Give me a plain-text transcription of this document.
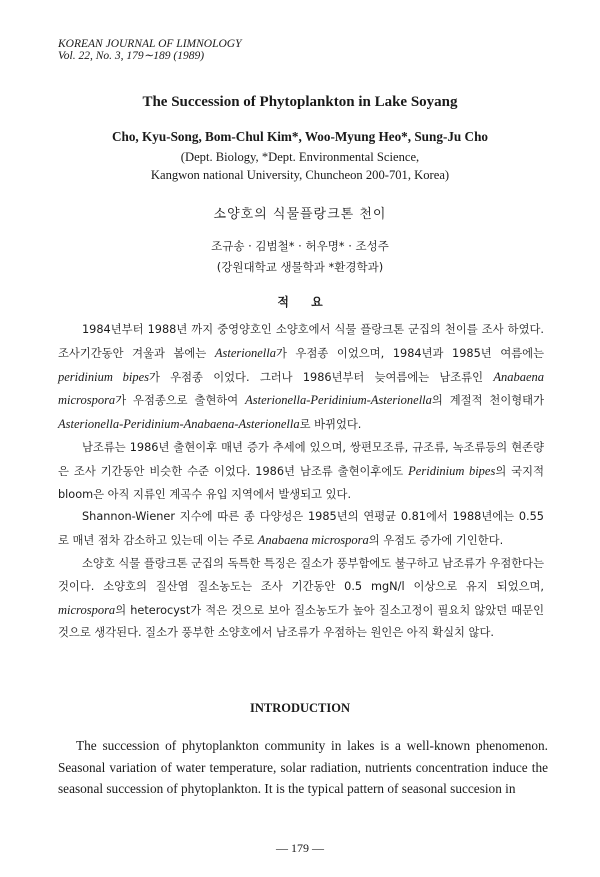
KOREAN JOURNAL OF LIMNOLOGY
Vol. 22, No. 3, 179∼189 (1989)
The Succession of Phytoplankton in Lake Soyang
Cho, Kyu-Song, Bom-Chul Kim*, Woo-Myung Heo*, Sung-Ju Cho
(Dept. Biology, *Dept. Environmental Science,
Kangwon national University, Chuncheon 200-701, Korea)
소양호의 식물플랑크톤 천이
조규송 · 김범철* · 허우명* · 조성주
(강원대학교 생물학과 *환경학과)
적 요

1984년부터 1988년 까지 중영양호인 소양호에서 식물 플랑크톤 군집의 천이를 조사 하였다. 조사기간동안 겨울과 봄에는 Asterionella가 우점종 이었으며, 1984년과 1985년 여름에는 peridinium bipes가 우점종 이었다. 그러나 1986년부터 늦여름에는 남조류인 Anabaena microspora가 우점종으로 출현하여 Asterionella-Peridinium-Asterionella의 계절적 천이형태가 Asterionella-Peridinium-Anabaena-Asterionella로 바뀌었다.

남조류는 1986년 출현이후 매년 증가 추세에 있으며, 쌍편모조류, 규조류, 녹조류등의 현존량은 조사 기간동안 비슷한 수준 이었다. 1986년 남조류 출현이후에도 Peridinium bipes의 국지적 bloom은 아직 지류인 계곡수 유입 지역에서 발생되고 있다.

Shannon-Wiener 지수에 따른 종 다양성은 1985년의 연평균 0.81에서 1988년에는 0.55로 매년 점차 감소하고 있는데 이는 주로 Anabaena microspora의 우점도 증가에 기인한다.

소양호 식물 플랑크톤 군집의 독특한 특징은 질소가 풍부함에도 불구하고 남조류가 우점한다는 것이다. 소양호의 질산염 질소농도는 조사 기간동안 0.5 mgN/l 이상으로 유지 되었으며, microspora의 heterocyst가 적은 것으로 보아 질소농도가 높아 질소고정이 필요치 않았던 때문인 것으로 생각된다. 질소가 풍부한 소양호에서 남조류가 우점하는 원인은 아직 확실치 않다.

INTRODUCTION

The succession of phytoplankton community in lakes is a well-known phenomenon. Seasonal variation of water temperature, solar radiation, nutrients concentration induce the seasonal succession of phytoplankton. It is the typical pattern of seasonal succesion in

— 179 —
